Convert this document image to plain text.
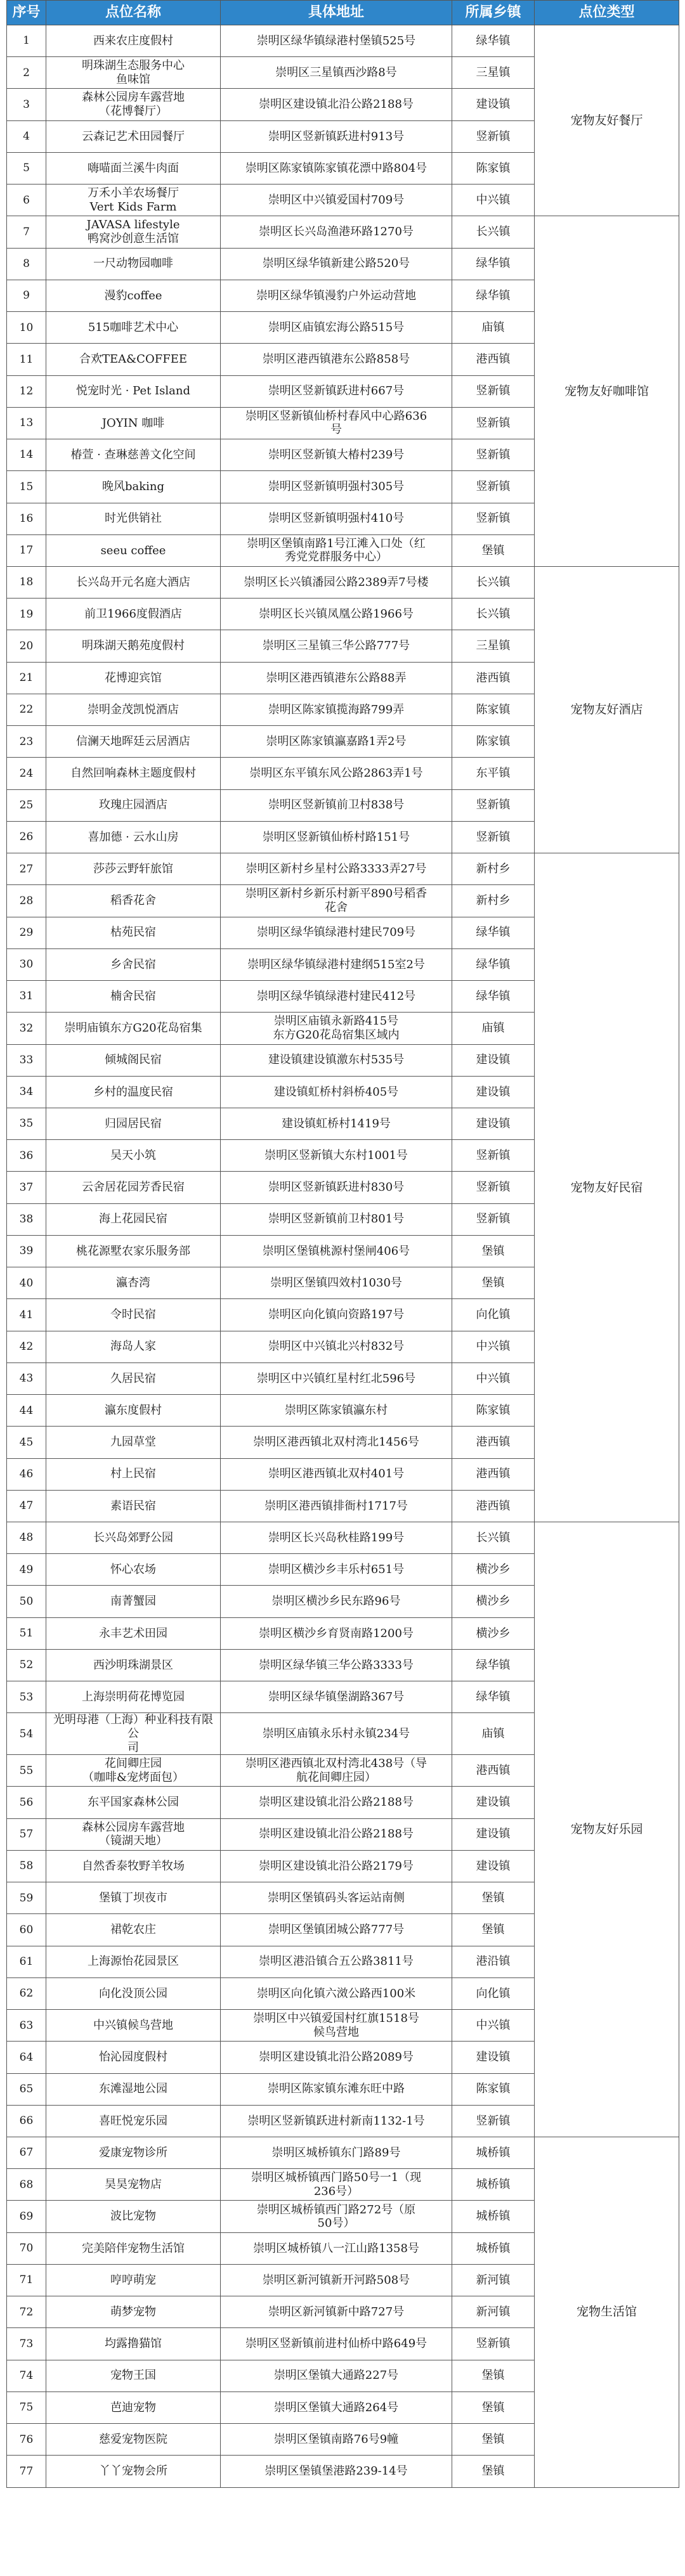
序号	点位名称	具体地址	所属乡镇	点位类型
1	西来农庄度假村	崇明区绿华镇绿港村堡镇525号	绿华镇	宠物友好餐厅
2	明珠湖生态服务中心
鱼味馆	崇明区三星镇西沙路8号	三星镇	
3	森林公园房车露营地
（花博餐厅）	崇明区建设镇北沿公路2188号	建设镇	
4	云森记艺术田园餐厅	崇明区竖新镇跃进村913号	竖新镇	
5	嗨喵面兰溪牛肉面	崇明区陈家镇陈家镇花漂中路804号	陈家镇	
6	万禾小羊农场餐厅
Vert Kids Farm	崇明区中兴镇爱国村709号	中兴镇	
7	JAVASA lifestyle
鸭窝沙创意生活馆	崇明区长兴岛渔港环路1270号	长兴镇	宠物友好咖啡馆
8	一尺动物园咖啡	崇明区绿华镇新建公路520号	绿华镇	
9	漫豹coffee	崇明区绿华镇漫豹户外运动营地	绿华镇	
10	515咖啡艺术中心	崇明区庙镇宏海公路515号	庙镇	
11	合欢TEA&COFFEE	崇明区港西镇港东公路858号	港西镇	
12	悦宠时光 · Pet Island	崇明区竖新镇跃进村667号	竖新镇	
13	JOYIN 咖啡	崇明区竖新镇仙桥村春风中心路636
号	竖新镇	
14	椿萱 · 查琳慈善文化空间	崇明区竖新镇大椿村239号	竖新镇	
15	晚风baking	崇明区竖新镇明强村305号	竖新镇	
16	时光供销社	崇明区竖新镇明强村410号	竖新镇	
17	seeu coffee	崇明区堡镇南路1号江滩入口处（红
秀党党群服务中心）	堡镇	
18	长兴岛开元名庭大酒店	崇明区长兴镇潘园公路2389弄7号楼	长兴镇	宠物友好酒店
19	前卫1966度假酒店	崇明区长兴镇凤凰公路1966号	长兴镇	
20	明珠湖天鹅苑度假村	崇明区三星镇三华公路777号	三星镇	
21	花博迎宾馆	崇明区港西镇港东公路88弄	港西镇	
22	崇明金茂凯悦酒店	崇明区陈家镇揽海路799弄	陈家镇	
23	信澜天地晖廷云居酒店	崇明区陈家镇瀛嘉路1弄2号	陈家镇	
24	自然回响森林主题度假村	崇明区东平镇东风公路2863弄1号	东平镇	
25	玫瑰庄园酒店	崇明区竖新镇前卫村838号	竖新镇	
26	喜加德 · 云水山房	崇明区竖新镇仙桥村路151号	竖新镇	
27	莎莎云野轩旅馆	崇明区新村乡星村公路3333弄27号	新村乡	宠物友好民宿
28	稻香花舍	崇明区新村乡新乐村新平890号稻香
花舍	新村乡	
29	枯苑民宿	崇明区绿华镇绿港村建民709号	绿华镇	
30	乡舍民宿	崇明区绿华镇绿港村建纲515室2号	绿华镇	
31	楠舍民宿	崇明区绿华镇绿港村建民412号	绿华镇	
32	崇明庙镇东方G20花岛宿集	崇明区庙镇永新路415号
东方G20花岛宿集区域内	庙镇	
33	倾城阁民宿	建设镇建设镇激东村535号	建设镇	
34	乡村的温度民宿	建设镇虹桥村斜桥405号	建设镇	
35	归园居民宿	建设镇虹桥村1419号	建设镇	
36	吴天小筑	崇明区竖新镇大东村1001号	竖新镇	
37	云舍居花园芳香民宿	崇明区竖新镇跃进村830号	竖新镇	
38	海上花园民宿	崇明区竖新镇前卫村801号	竖新镇	
39	桃花源墅农家乐服务部	崇明区堡镇桃源村堡闸406号	堡镇	
40	瀛杏湾	崇明区堡镇四效村1030号	堡镇	
41	令时民宿	崇明区向化镇向资路197号	向化镇	
42	海岛人家	崇明区中兴镇北兴村832号	中兴镇	
43	久居民宿	崇明区中兴镇红星村红北596号	中兴镇	
44	瀛东度假村	崇明区陈家镇瀛东村	陈家镇	
45	九园草堂	崇明区港西镇北双村湾北1456号	港西镇	
46	村上民宿	崇明区港西镇北双村401号	港西镇	
47	素语民宿	崇明区港西镇排衙村1717号	港西镇	
48	长兴岛郊野公园	崇明区长兴岛秋桂路199号	长兴镇	宠物友好乐园
49	怀心农场	崇明区横沙乡丰乐村651号	横沙乡	
50	南菁蟹园	崇明区横沙乡民东路96号	横沙乡	
51	永丰艺术田园	崇明区横沙乡育贤南路1200号	横沙乡	
52	西沙明珠湖景区	崇明区绿华镇三华公路3333号	绿华镇	
53	上海崇明荷花博览园	崇明区绿华镇堡湖路367号	绿华镇	
54	光明母港（上海）种业科技有限公
司	崇明区庙镇永乐村永镇234号	庙镇	
55	花间卿庄园
（咖啡&宠烤面包）	崇明区港西镇北双村湾北438号（导
航花间卿庄园）	港西镇	
56	东平国家森林公园	崇明区建设镇北沿公路2188号	建设镇	
57	森林公园房车露营地
（镜湖天地）	崇明区建设镇北沿公路2188号	建设镇	
58	自然香泰牧野羊牧场	崇明区建设镇北沿公路2179号	建设镇	
59	堡镇丁坝夜市	崇明区堡镇码头客运站南侧	堡镇	
60	裙乾农庄	崇明区堡镇团城公路777号	堡镇	
61	上海源怡花园景区	崇明区港沿镇合五公路3811号	港沿镇	
62	向化没顶公园	崇明区向化镇六滧公路西100米	向化镇	
63	中兴镇候鸟营地	崇明区中兴镇爱国村红旗1518号
候鸟营地	中兴镇	
64	怡沁园度假村	崇明区建设镇北沿公路2089号	建设镇	
65	东滩湿地公园	崇明区陈家镇东滩东旺中路	陈家镇	
66	喜旺悦宠乐园	崇明区竖新镇跃进村新南1132-1号	竖新镇	
67	爱康宠物诊所	崇明区城桥镇东门路89号	城桥镇	宠物生活馆
68	昊昊宠物店	崇明区城桥镇西门路50号一1（现
236号）	城桥镇	
69	波比宠物	崇明区城桥镇西门路272号（原
50号）	城桥镇	
70	完美陪伴宠物生活馆	崇明区城桥镇八一江山路1358号	城桥镇	
71	哼哼萌宠	崇明区新河镇新开河路508号	新河镇	
72	萌梦宠物	崇明区新河镇新中路727号	新河镇	
73	均露撸猫馆	崇明区竖新镇前进村仙桥中路649号	竖新镇	
74	宠物王国	崇明区堡镇大通路227号	堡镇	
75	芭迪宠物	崇明区堡镇大通路264号	堡镇	
76	慈爱宠物医院	崇明区堡镇南路76号9幢	堡镇	
77	丫丫宠物会所	崇明区堡镇堡港路239-14号	堡镇	
